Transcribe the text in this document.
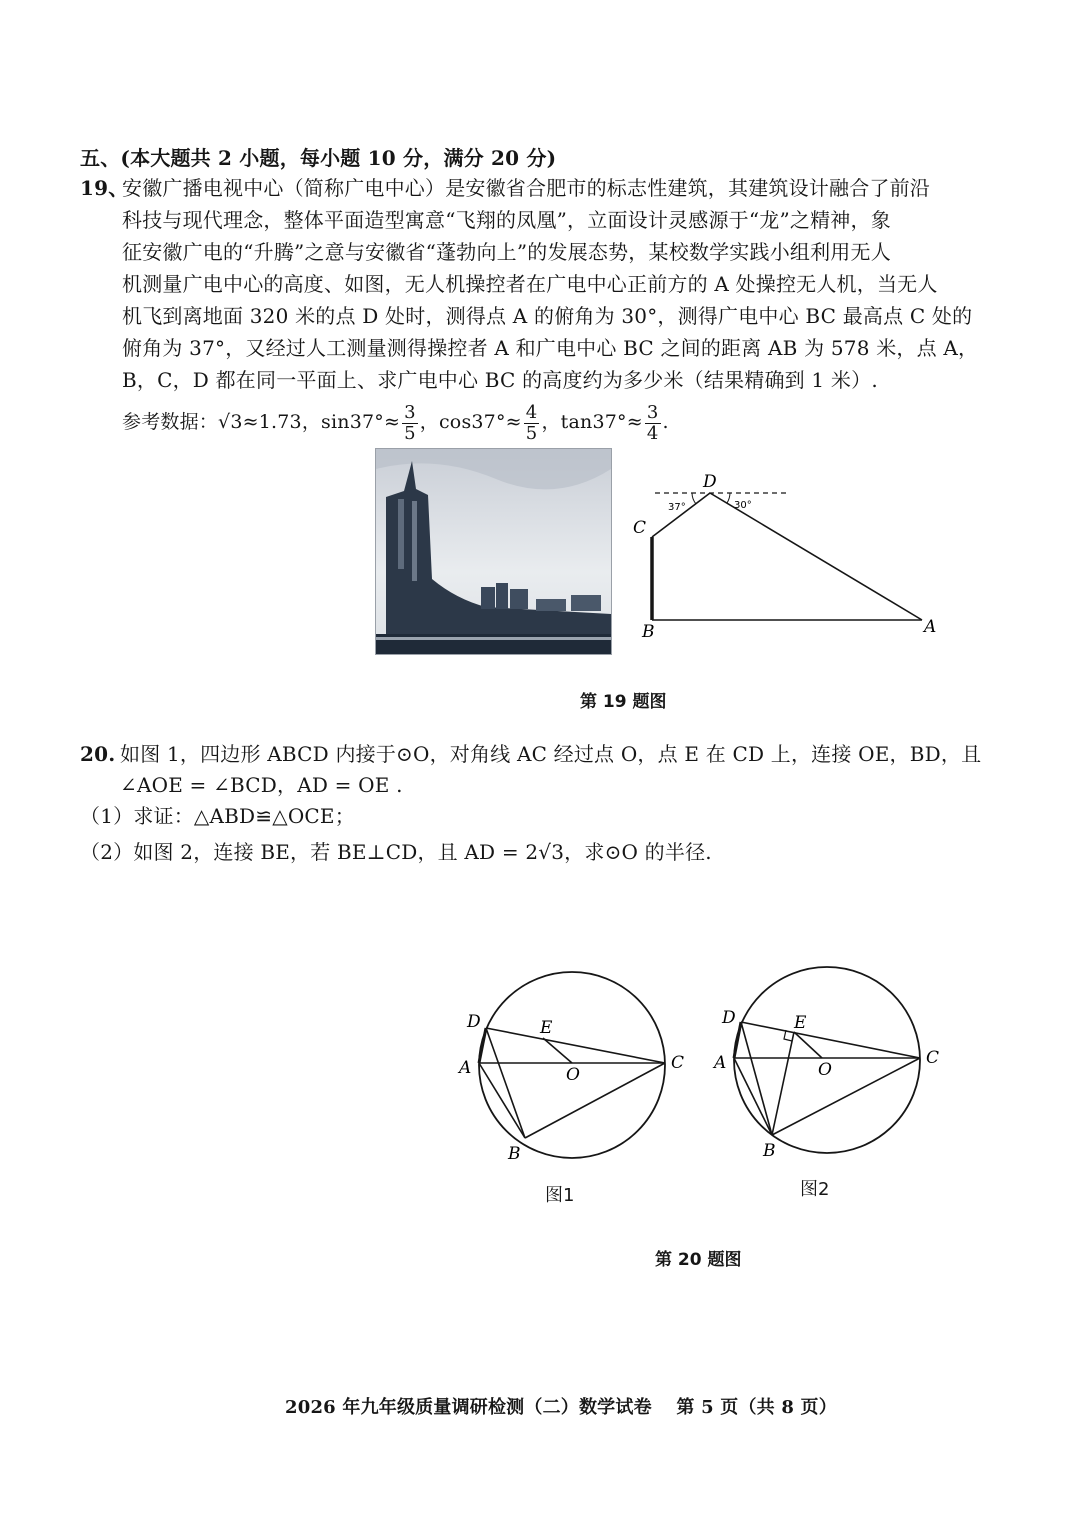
五、(本大题共 2 小题，每小题 10 分，满分 20 分)
19、
安徽广播电视中心（简称广电中心）是安徽省合肥市的标志性建筑，其建筑设计融合了前沿
科技与现代理念，整体平面造型寓意“飞翔的凤凰”，立面设计灵感源于“龙”之精神，象
征安徽广电的“升腾”之意与安徽省“蓬勃向上”的发展态势，某校数学实践小组利用无人
机测量广电中心的高度、如图，无人机操控者在广电中心正前方的 A 处操控无人机，当无人
机飞到离地面 320 米的点 D 处时，测得点 A 的俯角为 30°，测得广电中心 BC 最高点 C 处的
俯角为 37°，又经过人工测量测得操控者 A 和广电中心 BC 之间的距离 AB 为 578 米，点 A，
B，C，D 都在同一平面上、求广电中心 BC 的高度约为多少米（结果精确到 1 米）.
参考数据：√3≈1.73，$\sin 37^\circ\approx \frac{3}{5}$ ，$\cos 37^\circ\approx \frac{4}{5}$ ，$\tan 37^\circ\approx \frac{3}{4}$ .
D
C
B	A
37°	30°
第 19 题图
20. 如图 1，四边形 ABCD 内接于⊙O，对角线 AC 经过点 O，点 E 在 CD 上，连接 OE，BD，且
∠AOE = ∠BCD，AD = OE .
（1）求证：△ABD≌△OCE；
（2）如图 2，连接 BE，若 BE⊥CD，且 AD = 2√3，求⊙O 的半径.
D	E
A	O
C
B
图1
D	E
A	O
C
B
图2
第 20 题图
2026 年九年级质量调研检测（二）数学试卷　 第 5 页（共 8 页）
